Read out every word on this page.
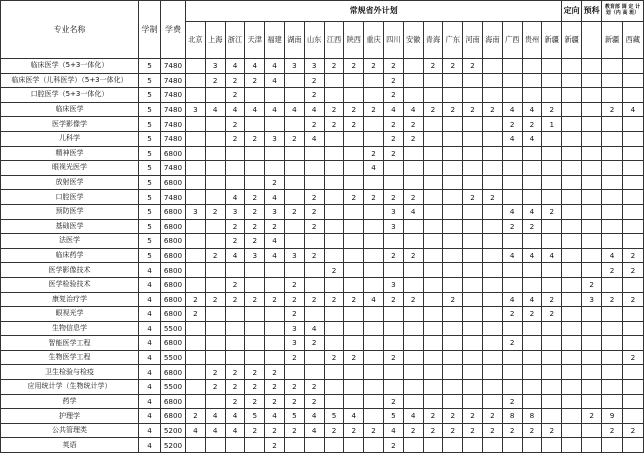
专业名称	学制	学费	常规省外计划																			定向	预科	教育部 调 定 计 划（内 高 班）	
			北京	上海	浙江	天津	福建	湖南	山东	江西	陕西	重庆	四川	安徽	青海	广东	河南	海南	广西	贵州	新疆	新疆		新疆	西藏
临床医学（5+3一体化）	5	7480		3	4	4	4	3	3	2	2	2	2		2	2	2								
临床医学（儿科医学）（5+3一体化）	5	7480		2	2	2	4		2				2												
口腔医学（5+3一体化）	5	7480			2				2				2												
临床医学	5	7480	3	4	4	4	4	4	4	2	2	2	4	4	2	2	2	2	4	4	2			2	4
医学影像学	5	7480			2				2	2	2		2	2					2	2	1				
儿科学	5	7480			2	2	3	2	4				2	2					4	4					
精神医学	5	6800										2	2												
眼视光医学	5	7480										4													
放射医学	5	6800					2																		
口腔医学	5	7480			4	2	4		2		2	2	2	2			2	2							
预防医学	5	6800	3	2	3	2	3	2	2				3	4					4	4	2				
基础医学	5	6800			2	2	2		2				3						2	2					
法医学	5	6800			2	2	4																		
临床药学	5	6800		2	4	3	4	3	2				2	2					4	4	4			4	2
医学影像技术	4	6800								2														2	2
医学检验技术	4	6800			2			2					3										2		
康复治疗学	4	6800	2	2	2	2	2	2	2	2	2	4	2	2		2			4	4	2		3	2	2
眼视光学	4	6800	2					2											2	2	2				
生物信息学	4	5500						3	4																
智能医学工程	4	6800						3	2										2						
生物医学工程	4	5500						2		2	2		2												2
卫生检验与检疫	4	6800		2	2	2	2																		
应用统计学（生物统计学）	4	5500		2	2	2	2	2	2																
药学	4	6800			2	2	2	2	2				2						2						
护理学	4	6800	2	4	4	5	4	5	4	5	4		5	4	2	2	2	2	8	8			2	9	
公共管理类	4	5200	4	4	4	2	2	2	4	2	2	2	4	2	2	2	2	2	2	2	2			2	2
英语	4	5200					2						2												
